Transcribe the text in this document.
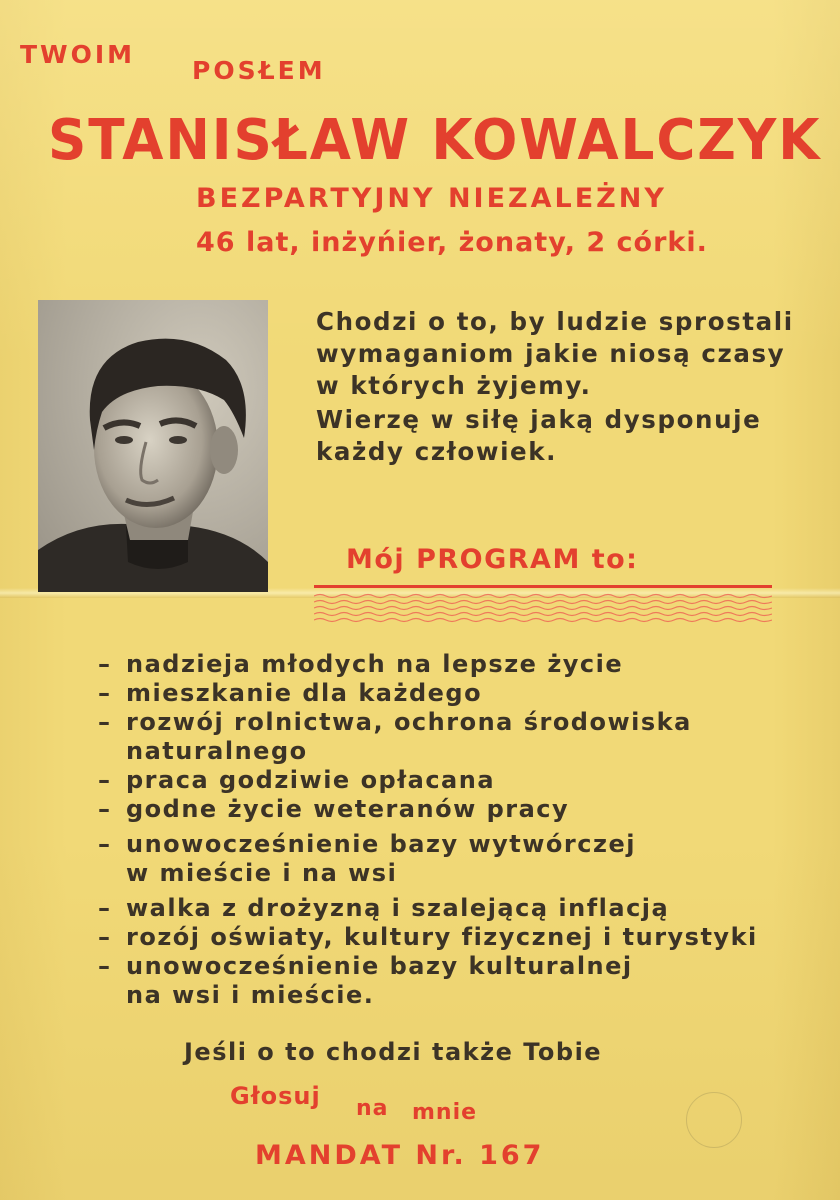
TWOIM
POSŁEM
STANISŁAW KOWALCZYK
BEZPARTYJNY NIEZALEŻNY
46 lat, inżyńier, żonaty, 2 córki.
Chodzi o to, by ludzie sprostali
wymaganiom jakie niosą czasy
w których żyjemy.
Wierzę w siłę jaką dysponuje
każdy człowiek.
Mój PROGRAM to:
– nadzieja młodych na lepsze życie
– mieszkanie dla każdego
– rozwój rolnictwa, ochrona środowiska
naturalnego
– praca godziwie opłacana
– godne życie weteranów pracy
– unowocześnienie bazy wytwórczej
w mieście i na wsi
– walka z drożyzną i szalejącą inflacją
– rozój oświaty, kultury fizycznej i turystyki
– unowocześnienie bazy kulturalnej
na wsi i mieście.
Jeśli o to chodzi także Tobie
Głosuj na mnie
MANDAT Nr. 167
